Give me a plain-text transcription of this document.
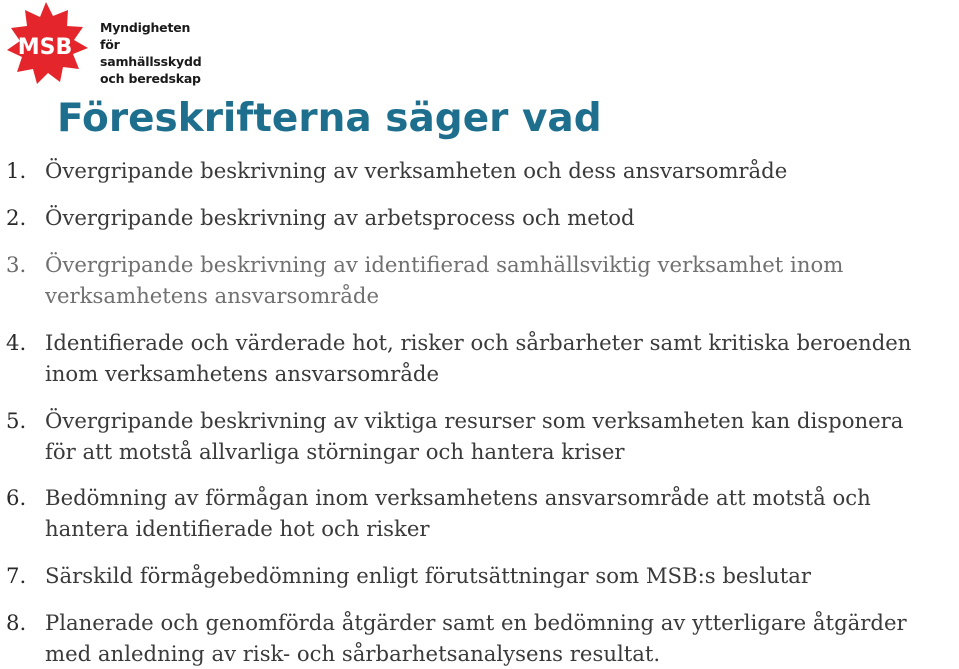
MSB
Myndigheten för
samhällsskydd
och beredskap
Föreskrifterna säger vad
1. Övergripande beskrivning av verksamheten och dess ansvarsområde
2. Övergripande beskrivning av arbetsprocess och metod
3. Övergripande beskrivning av identifierad samhällsviktig verksamhet inom
verksamhetens ansvarsområde
4. Identifierade och värderade hot, risker och sårbarheter samt kritiska beroenden
inom verksamhetens ansvarsområde
5. Övergripande beskrivning av viktiga resurser som verksamheten kan disponera
för att motstå allvarliga störningar och hantera kriser
6. Bedömning av förmågan inom verksamhetens ansvarsområde att motstå och
hantera identifierade hot och risker
7. Särskild förmågebedömning enligt förutsättningar som MSB:s beslutar
8. Planerade och genomförda åtgärder samt en bedömning av ytterligare åtgärder
med anledning av risk- och sårbarhetsanalysens resultat.
